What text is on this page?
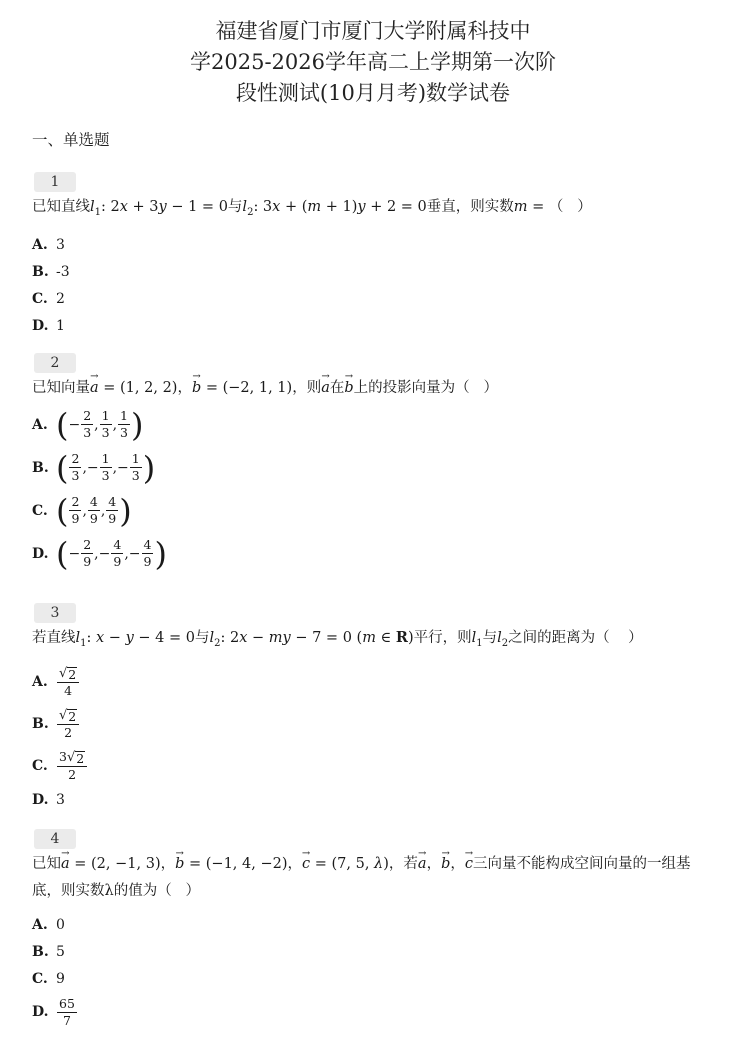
福建省厦门市厦门大学附属科技中
学2025-2026学年高二上学期第一次阶
段性测试(10月月考)数学试卷
一、单选题
1
已知直线$l_1$: 2x + 3y − 1 = 0与$l_2$: 3x + (m + 1)y + 2 = 0垂直，则实数m = （   ）
A. 3
B. -3
C. 2
D. 1
2
已知向量→ a = (1, 2, 2)，→ b = (−2, 1, 1)，则→ a在→ b上的投影向量为（   ）
A. ( − $\frac{2}{3}$ , $\frac{1}{3}$ , $\frac{1}{3}$ )
B. ( $\frac{2}{3}$ , − $\frac{1}{3}$ , − $\frac{1}{3}$ )
C. ( $\frac{2}{9}$ , $\frac{4}{9}$ , $\frac{4}{9}$ )
D. ( − $\frac{2}{9}$ , − $\frac{4}{9}$ , − $\frac{4}{9}$ )
3
若直线$l_1$: x − y − 4 = 0与$l_2$: 2x − my − 7 = 0 (m ∈ R)平行，则$l_1$与$l_2$之间的距离为（    ）
A. $\frac{√ 2}{4}$
B. $\frac{√ 2}{2}$
C. $\frac{3 √ 2}{2}$
D. 3
4
已知→ a = (2, −1, 3)，→ b = (−1, 4, −2)，→ c = (7, 5, λ)，若→ a，→ b，→ c三向量不能构成空间向量的一组基底，则实数λ的值为（   ）
A. 0
B. 5
C. 9
D. $\frac{65}{7}$
